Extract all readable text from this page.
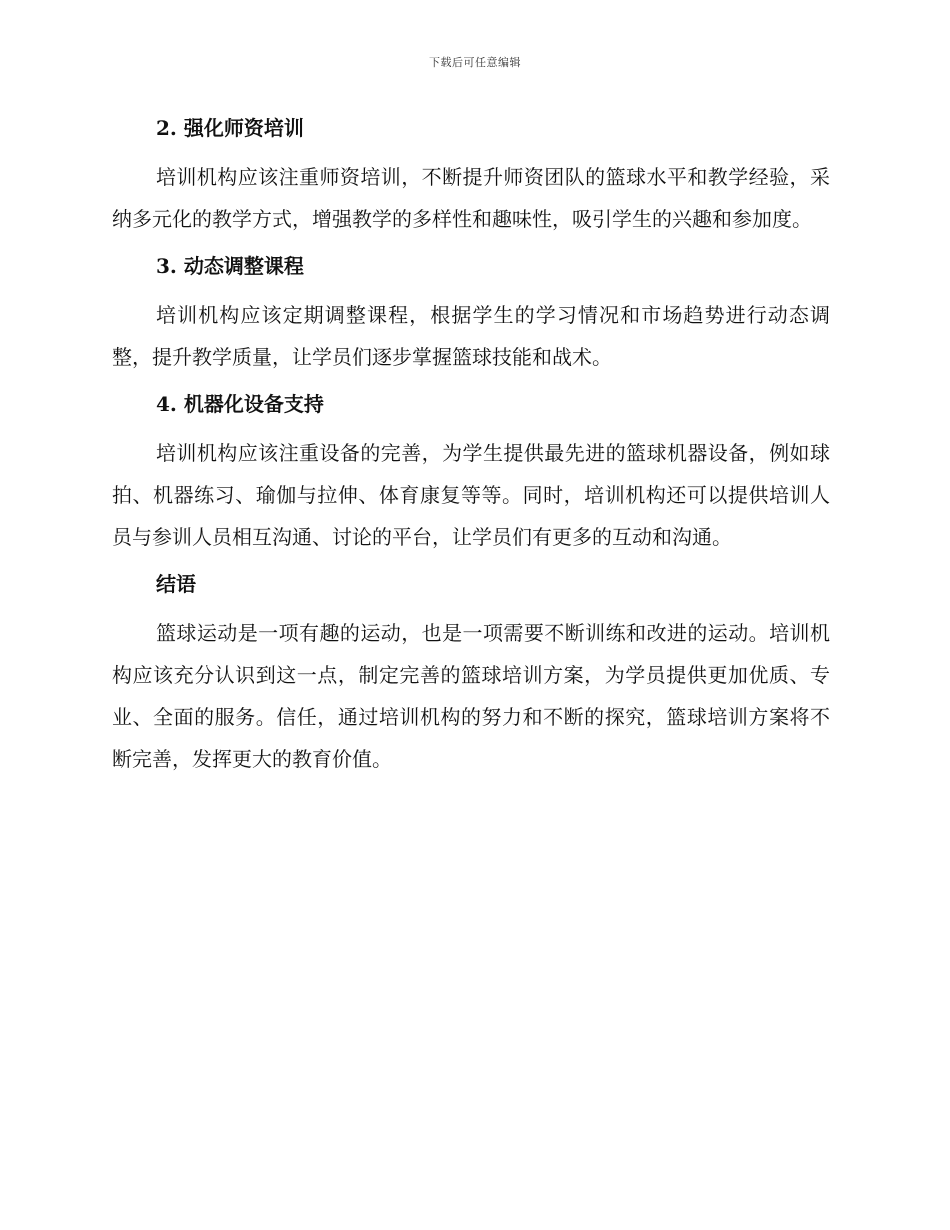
下载后可任意编辑
2. 强化师资培训

培训机构应该注重师资培训，不断提升师资团队的篮球水平和教学经验，采纳多元化的教学方式，增强教学的多样性和趣味性，吸引学生的兴趣和参加度。

3. 动态调整课程

培训机构应该定期调整课程，根据学生的学习情况和市场趋势进行动态调整，提升教学质量，让学员们逐步掌握篮球技能和战术。

4. 机器化设备支持

培训机构应该注重设备的完善，为学生提供最先进的篮球机器设备，例如球拍、机器练习、瑜伽与拉伸、体育康复等等。同时，培训机构还可以提供培训人员与参训人员相互沟通、讨论的平台，让学员们有更多的互动和沟通。

结语

篮球运动是一项有趣的运动，也是一项需要不断训练和改进的运动。培训机构应该充分认识到这一点，制定完善的篮球培训方案，为学员提供更加优质、专业、全面的服务。信任，通过培训机构的努力和不断的探究，篮球培训方案将不断完善，发挥更大的教育价值。
